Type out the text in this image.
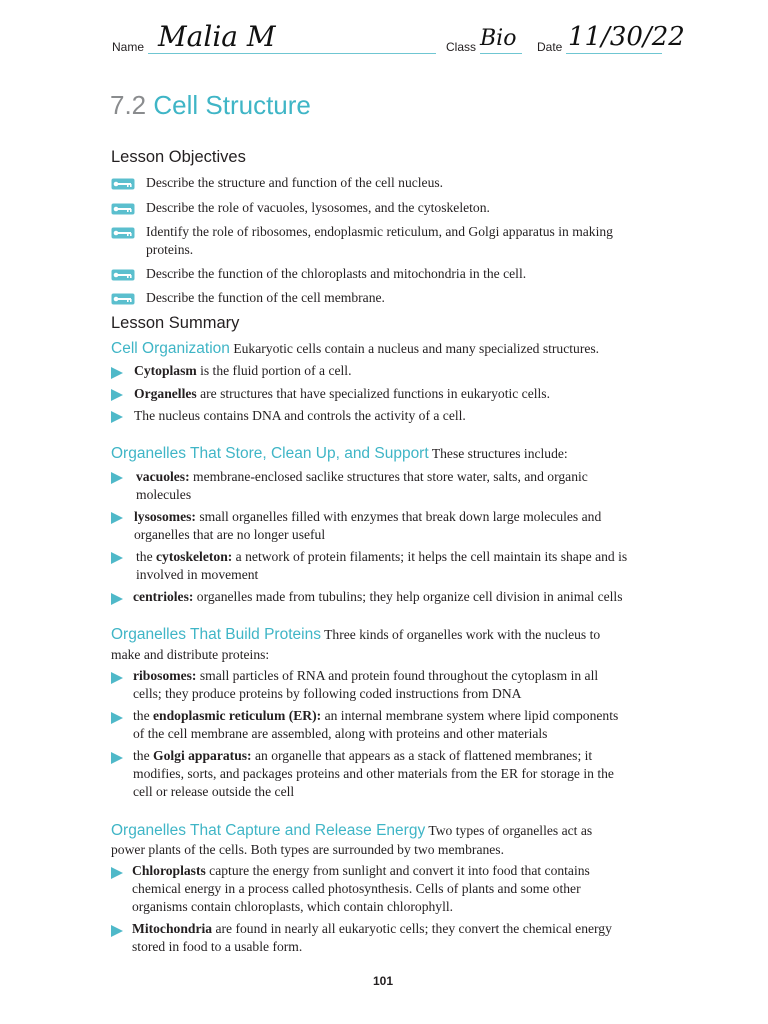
Name Malia M	Class Bio Date 11/30/22
7.2 Cell Structure
Lesson Objectives
Describe the structure and function of the cell nucleus.
Describe the role of vacuoles, lysosomes, and the cytoskeleton.
Identify the role of ribosomes, endoplasmic reticulum, and Golgi apparatus in making
proteins.
Describe the function of the chloroplasts and mitochondria in the cell.
Describe the function of the cell membrane.
Lesson Summary
Cell Organization Eukaryotic cells contain a nucleus and many specialized structures.
Cytoplasm is the fluid portion of a cell.
Organelles are structures that have specialized functions in eukaryotic cells.
The nucleus contains DNA and controls the activity of a cell.
Organelles That Store, Clean Up, and Support These structures include:
vacuoles: membrane-enclosed saclike structures that store water, salts, and organic
molecules
lysosomes: small organelles filled with enzymes that break down large molecules and
organelles that are no longer useful
the cytoskeleton: a network of protein filaments; it helps the cell maintain its shape and is
involved in movement
centrioles: organelles made from tubulins; they help organize cell division in animal cells
Organelles That Build Proteins Three kinds of organelles work with the nucleus to
make and distribute proteins:
ribosomes: small particles of RNA and protein found throughout the cytoplasm in all
cells; they produce proteins by following coded instructions from DNA
the endoplasmic reticulum (ER): an internal membrane system where lipid components
of the cell membrane are assembled, along with proteins and other materials
the Golgi apparatus: an organelle that appears as a stack of flattened membranes; it
modifies, sorts, and packages proteins and other materials from the ER for storage in the
cell or release outside the cell
Organelles That Capture and Release Energy Two types of organelles act as
power plants of the cells. Both types are surrounded by two membranes.
Chloroplasts capture the energy from sunlight and convert it into food that contains
chemical energy in a process called photosynthesis. Cells of plants and some other
organisms contain chloroplasts, which contain chlorophyll.
Mitochondria are found in nearly all eukaryotic cells; they convert the chemical energy
stored in food to a usable form.
101
